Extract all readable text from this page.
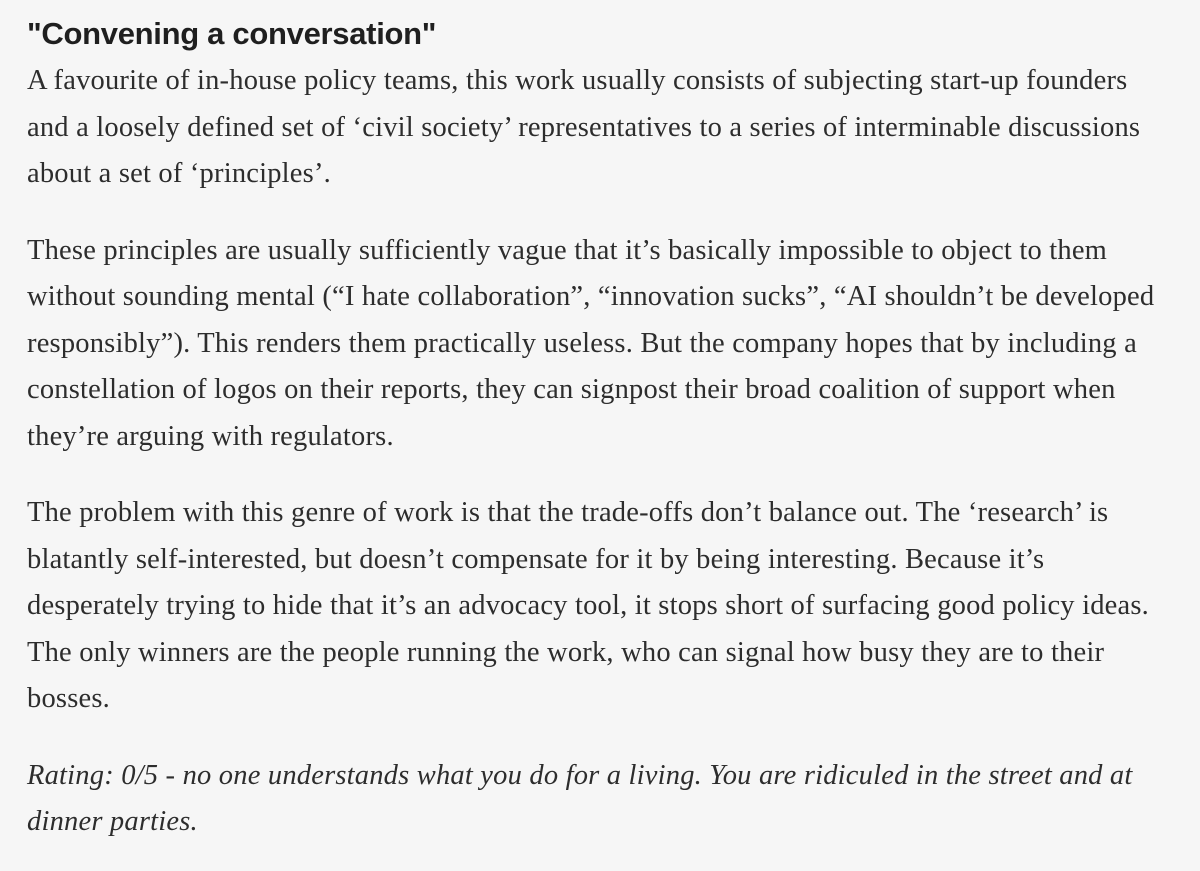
"Convening a conversation"

A favourite of in-house policy teams, this work usually consists of subjecting start-up founders and a loosely defined set of ‘civil society’ representatives to a series of interminable discussions about a set of ‘principles’.

These principles are usually sufficiently vague that it’s basically impossible to object to them without sounding mental (“I hate collaboration”, “innovation sucks”, “AI shouldn’t be developed responsibly”). This renders them practically useless. But the company hopes that by including a constellation of logos on their reports, they can signpost their broad coalition of support when they’re arguing with regulators.

The problem with this genre of work is that the trade-offs don’t balance out. The ‘research’ is blatantly self-interested, but doesn’t compensate for it by being interesting. Because it’s desperately trying to hide that it’s an advocacy tool, it stops short of surfacing good policy ideas. The only winners are the people running the work, who can signal how busy they are to their bosses.

Rating: 0/5 - no one understands what you do for a living. You are ridiculed in the street and at dinner parties.
